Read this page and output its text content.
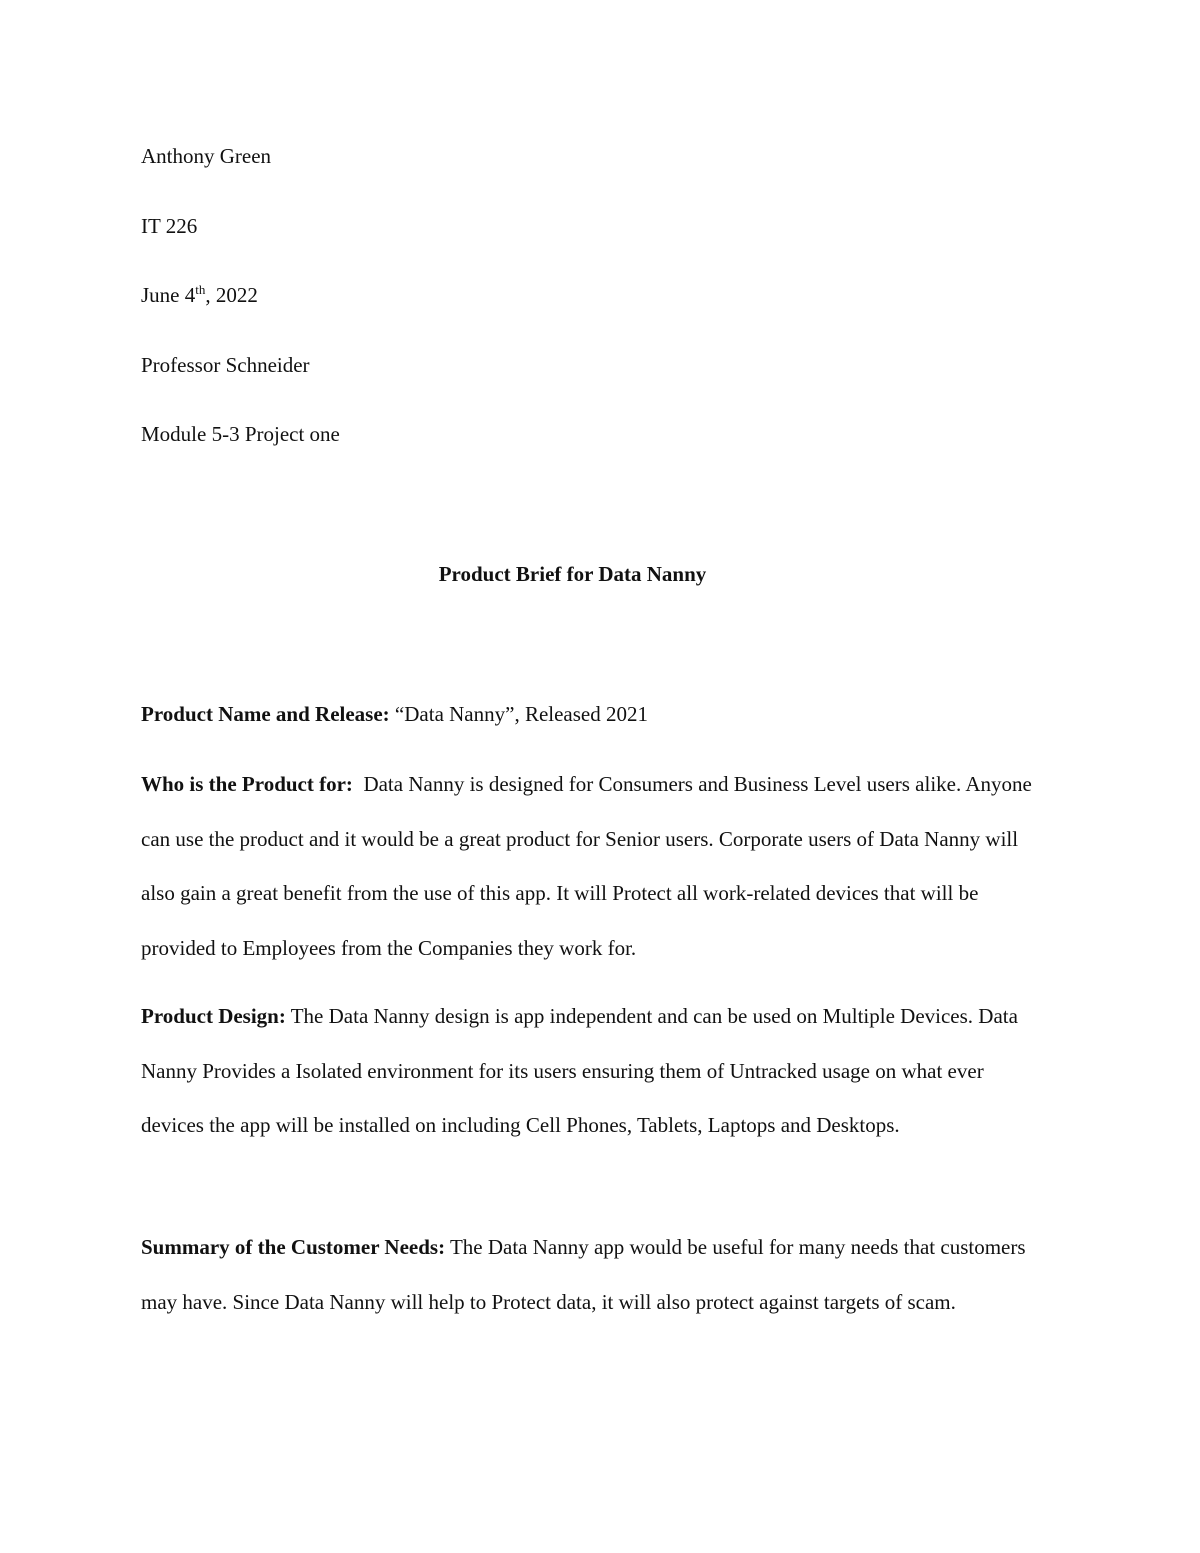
Anthony Green

IT 226

June 4th, 2022

Professor Schneider

Module 5-3 Project one

Product Brief for Data Nanny

Product Name and Release: “Data Nanny”, Released 2021

Who is the Product for:  Data Nanny is designed for Consumers and Business Level users alike. Anyone can use the product and it would be a great product for Senior users. Corporate users of Data Nanny will also gain a great benefit from the use of this app. It will Protect all work-related devices that will be provided to Employees from the Companies they work for.

Product Design: The Data Nanny design is app independent and can be used on Multiple Devices. Data Nanny Provides a Isolated environment for its users ensuring them of Untracked usage on what ever devices the app will be installed on including Cell Phones, Tablets, Laptops and Desktops.

Summary of the Customer Needs: The Data Nanny app would be useful for many needs that customers may have. Since Data Nanny will help to Protect data, it will also protect against targets of scam.
